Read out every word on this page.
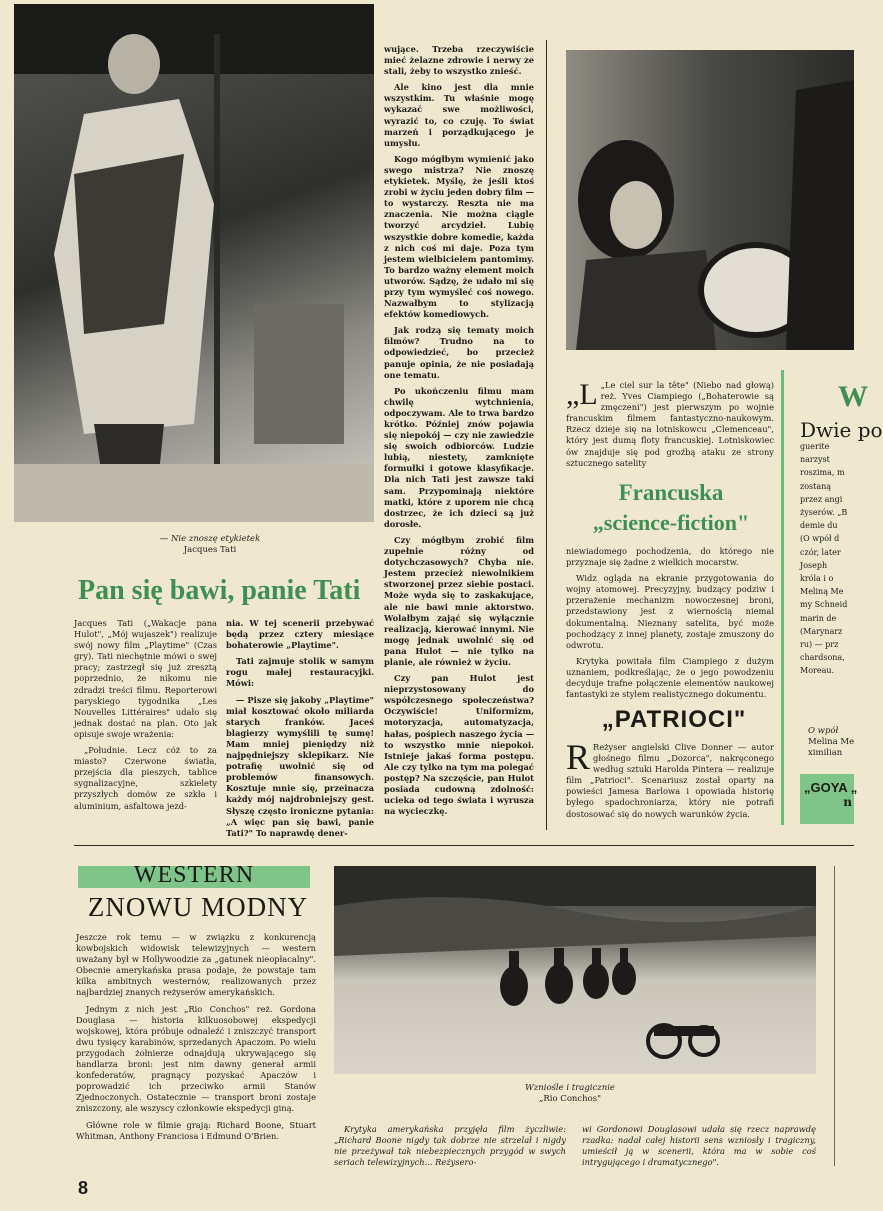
— Nie znoszę etykietek
Jacques Tati
Pan się bawi, panie Tati

Jacques Tati („Wakacje pana Hulot", „Mój wujaszek") realizuje swój nowy film „Playtime" (Czas gry). Tati niechętnie mówi o swej pracy; zastrzegł się już zresztą poprzednio, że nikomu nie zdradzi treści filmu. Reporterowi paryskiego tygodnika „Les Nouvelles Littéraires" udało się jednak dostać na plan. Oto jak opisuje swoje wrażenia:

„Południe. Lecz cóż to za miasto? Czerwone światła, przejścia dla pieszych, tablice sygnalizacyjne, szkielety przyszłych domów ze szkła i aluminium, asfaltowa jezd-

nia. W tej scenerii przebywać będą przez cztery miesiące bohaterowie „Playtime".

Tati zajmuje stolik w samym rogu małej restauracyjki. Mówi:

— Pisze się jakoby „Playtime" miał kosztować około miliarda starych franków. Jaceś blagierzy wymyślili tę sumę! Mam mniej pieniędzy niż najpędniejszy sklepikarz. Nie potrafię uwolnić się od problemów finansowych. Kosztuje mnie się, przeinacza każdy mój najdrobniejszy gest. Słyszę często ironiczne pytania: „A więc pan się bawi, panie Tati?" To naprawdę dener-

wujące. Trzeba rzeczywiście mieć żelazne zdrowie i nerwy ze stali, żeby to wszystko znieść.

Ale kino jest dla mnie wszystkim. Tu właśnie mogę wykazać swe możliwości, wyrazić to, co czuję. To świat marzeń i porządkującego je umysłu.

Kogo mógłbym wymienić jako swego mistrza? Nie znoszę etykietek. Myślę, że jeśli ktoś zrobi w życiu jeden dobry film — to wystarczy. Reszta nie ma znaczenia. Nie można ciągle tworzyć arcydzieł. Lubię wszystkie dobre komedie, każda z nich coś mi daje. Poza tym jestem wielbicielem pantomimy. To bardzo ważny element moich utworów. Sądzę, że udało mi się przy tym wymyśleć coś nowego. Nazwałbym to stylizacją efektów komediowych.

Jak rodzą się tematy moich filmów? Trudno na to odpowiedzieć, bo przecież panuje opinia, że nie posiadają one tematu.

Po ukończeniu filmu mam chwilę wytchnienia, odpoczywam. Ale to trwa bardzo krótko. Później znów pojawia się niepokój — czy nie zawiedzie się swoich odbiorców. Ludzie lubią, niestety, zamknięte formułki i gotowe klasyfikacje. Dla nich Tati jest zawsze taki sam. Przypominają niektóre matki, które z uporem nie chcą dostrzec, że ich dzieci są już dorosłe.

Czy mógłbym zrobić film zupełnie różny od dotychczasowych? Chyba nie. Jestem przecież niewolnikiem stworzonej przez siebie postaci. Może wyda się to zaskakujące, ale nie bawi mnie aktorstwo. Wolałbym zająć się wyłącznie realizacją, kierować innymi. Nie mogę jednak uwolnić się od pana Hulot — nie tylko na planie, ale również w życiu.

Czy pan Hulot jest nieprzystosowany do współczesnego społeczeństwa? Oczywiście! Uniformizm, motoryzacja, automatyzacja, hałas, pośpiech naszego życia — to wszystko mnie niepokoi. Istnieje jakaś forma postępu. Ale czy tylko na tym ma polegać postęp? Na szczęście, pan Hulot posiada cudowną zdolność: ucieka od tego świata i wyrusza na wycieczkę.

„L „Le ciel sur la tête" (Niebo nad głową) reż. Yves Ciampiego („Bohaterowie są zmęczeni") jest pierwszym po wojnie francuskim filmem fantastyczno-naukowym. Rzecz dzieje się na lotniskowcu „Clemenceau", który jest dumą floty francuskiej. Lotniskowiec ów znajduje się pod groźbą ataku ze strony sztucznego satelity

Francuska
„science-fiction"

niewiadomego pochodzenia, do którego nie przyznaje się żadne z wielkich mocarstw.

Widz ogląda na ekranie przygotowania do wojny atomowej. Precyzyjny, budzący podziw i przerażenie mechanizm nowoczesnej broni, przedstawiony jest z wiernością niemal dokumentalną. Nieznany satelita, być może pochodzący z innej planety, zostaje zmuszony do odwrotu.

Krytyka powitała film Ciampiego z dużym uznaniem, podkreślając, że o jego powodzeniu decyduje trafne połączenie elementów naukowej fantastyki ze stylem realistycznego dokumentu.

„PATRIOCI"

R Reżyser angielski Clive Donner — autor głośnego filmu „Dozorca", nakręconego według sztuki Harolda Pintera — realizuje film „Patrioci". Scenariusz został oparty na powieści Jamesa Barlowa i opowiada historię byłego spadochroniarza, który nie potrafi dostosować się do nowych warunków życia.

W
Dwie po
guerite
narzyst
roszima, m
zostaną
przez angi
żyserów. „B
demie du
(O wpół d
czór, later
Joseph
króla i o
Meliną Me
my Schneid
marin de
(Marynarz
ru) — prz
chardsona,
Moreau.
O wpół
Melina Me
ximilian
„GOYA „
n
WESTERN
ZNOWU MODNY

Jeszcze rok temu — w związku z konkurencją kowbojskich widowisk telewizyjnych — western uważany był w Hollywoodzie za „gatunek nieopłacalny". Obecnie amerykańska prasa podaje, że powstaje tam kilka ambitnych westernów, realizowanych przez najbardziej znanych reżyserów amerykańskich.

Jednym z nich jest „Rio Conchos" reż. Gordona Douglasa — historia kilkuosobowej ekspedycji wojskowej, która próbuje odnaleźć i zniszczyć transport dwu tysięcy karabinów, sprzedanych Apaczom. Po wielu przygodach żołnierze odnajdują ukrywającego się handlarza broni: jest nim dawny generał armii konfederatów, pragnący pozyskać Apaczów i poprowadzić ich przeciwko armii Stanów Zjednoczonych. Ostatecznie — transport broni zostaje zniszczony, ale wszyscy członkowie ekspedycji giną.

Główne role w filmie grają: Richard Boone, Stuart Whitman, Anthony Franciosa i Edmund O'Brien.

Wzniośle i tragicznie
„Rio Conchos"

Krytyka amerykańska przyjęła film życzliwie: „Richard Boone nigdy tak dobrze nie strzelał i nigdy nie przeżywał tak niebezpiecznych przygód w swych seriach telewizyjnych... Reżysero-

wi Gordonowi Douglasowi udała się rzecz naprawdę rzadka: nadał całej historii sens wzniosły i tragiczny, umieścił ją w scenerii, która ma w sobie coś intrygującego i dramatycznego".

8
